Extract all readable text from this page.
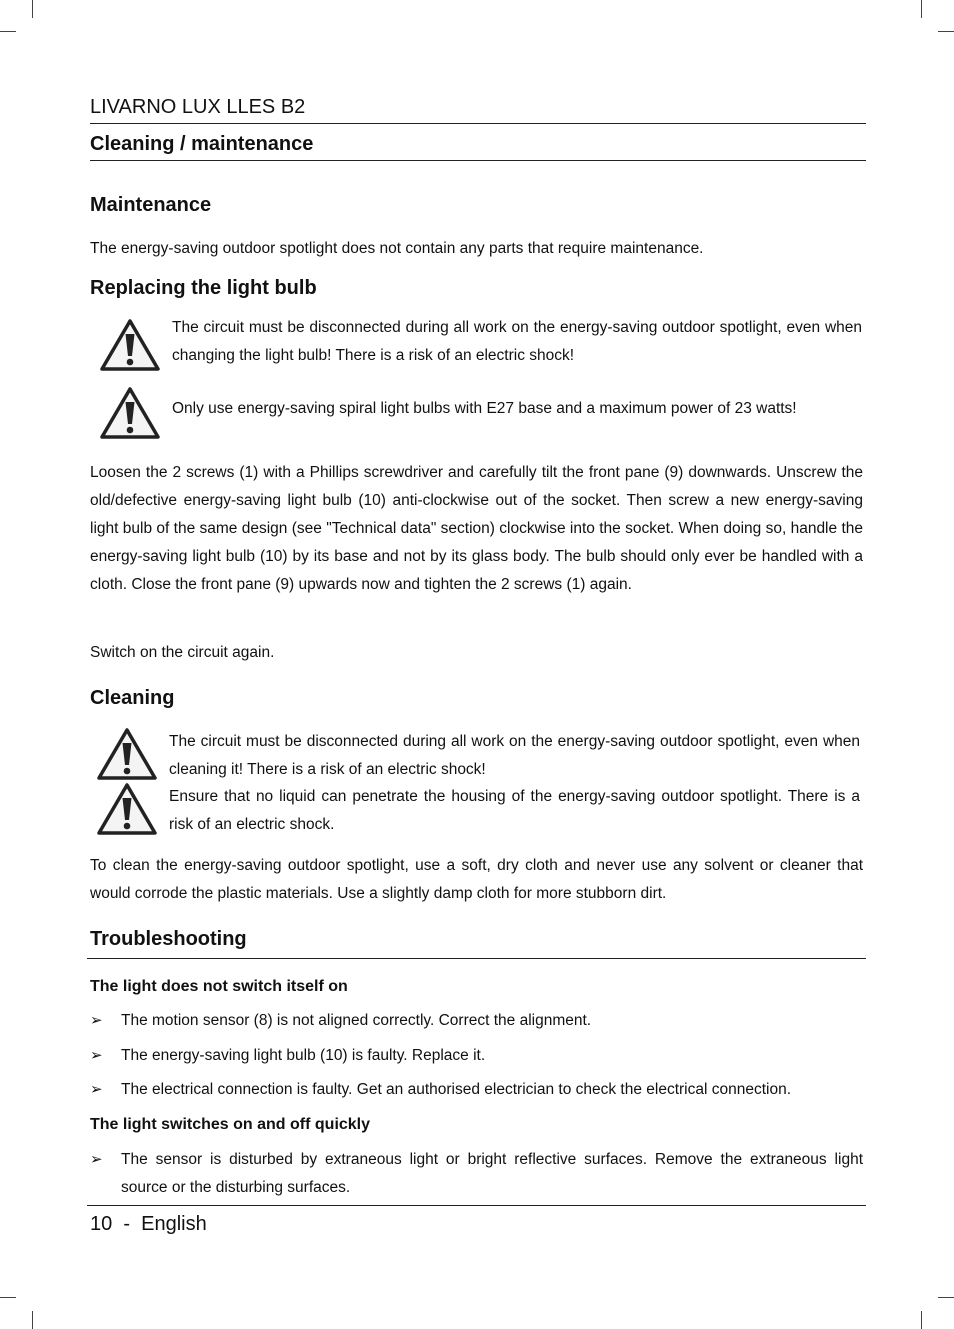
LIVARNO LUX LLES B2
Cleaning / maintenance
Maintenance
The energy-saving outdoor spotlight does not contain any parts that require maintenance.
Replacing the light bulb
The circuit must be disconnected during all work on the energy-saving outdoor spotlight, even when changing the light bulb! There is a risk of an electric shock!
Only use energy-saving spiral light bulbs with E27 base and a maximum power of 23 watts!
Loosen the 2 screws (1) with a Phillips screwdriver and carefully tilt the front pane (9) downwards. Unscrew the old/defective energy-saving light bulb (10) anti-clockwise out of the socket. Then screw a new energy-saving light bulb of the same design (see "Technical data" section) clockwise into the socket. When doing so, handle the energy-saving light bulb (10) by its base and not by its glass body. The bulb should only ever be handled with a cloth. Close the front pane (9) upwards now and tighten the 2 screws (1) again.
Switch on the circuit again.
Cleaning
The circuit must be disconnected during all work on the energy-saving outdoor spotlight, even when cleaning it! There is a risk of an electric shock!
Ensure that no liquid can penetrate the housing of the energy-saving outdoor spotlight. There is a risk of an electric shock.
To clean the energy-saving outdoor spotlight, use a soft, dry cloth and never use any solvent or cleaner that would corrode the plastic materials. Use a slightly damp cloth for more stubborn dirt.
Troubleshooting
The light does not switch itself on
➢	The motion sensor (8) is not aligned correctly. Correct the alignment.
➢	The energy-saving light bulb (10) is faulty. Replace it.
➢	The electrical connection is faulty. Get an authorised electrician to check the electrical connection.
The light switches on and off quickly
➢	The sensor is disturbed by extraneous light or bright reflective surfaces. Remove the extraneous light source or the disturbing surfaces.
10  -  English
